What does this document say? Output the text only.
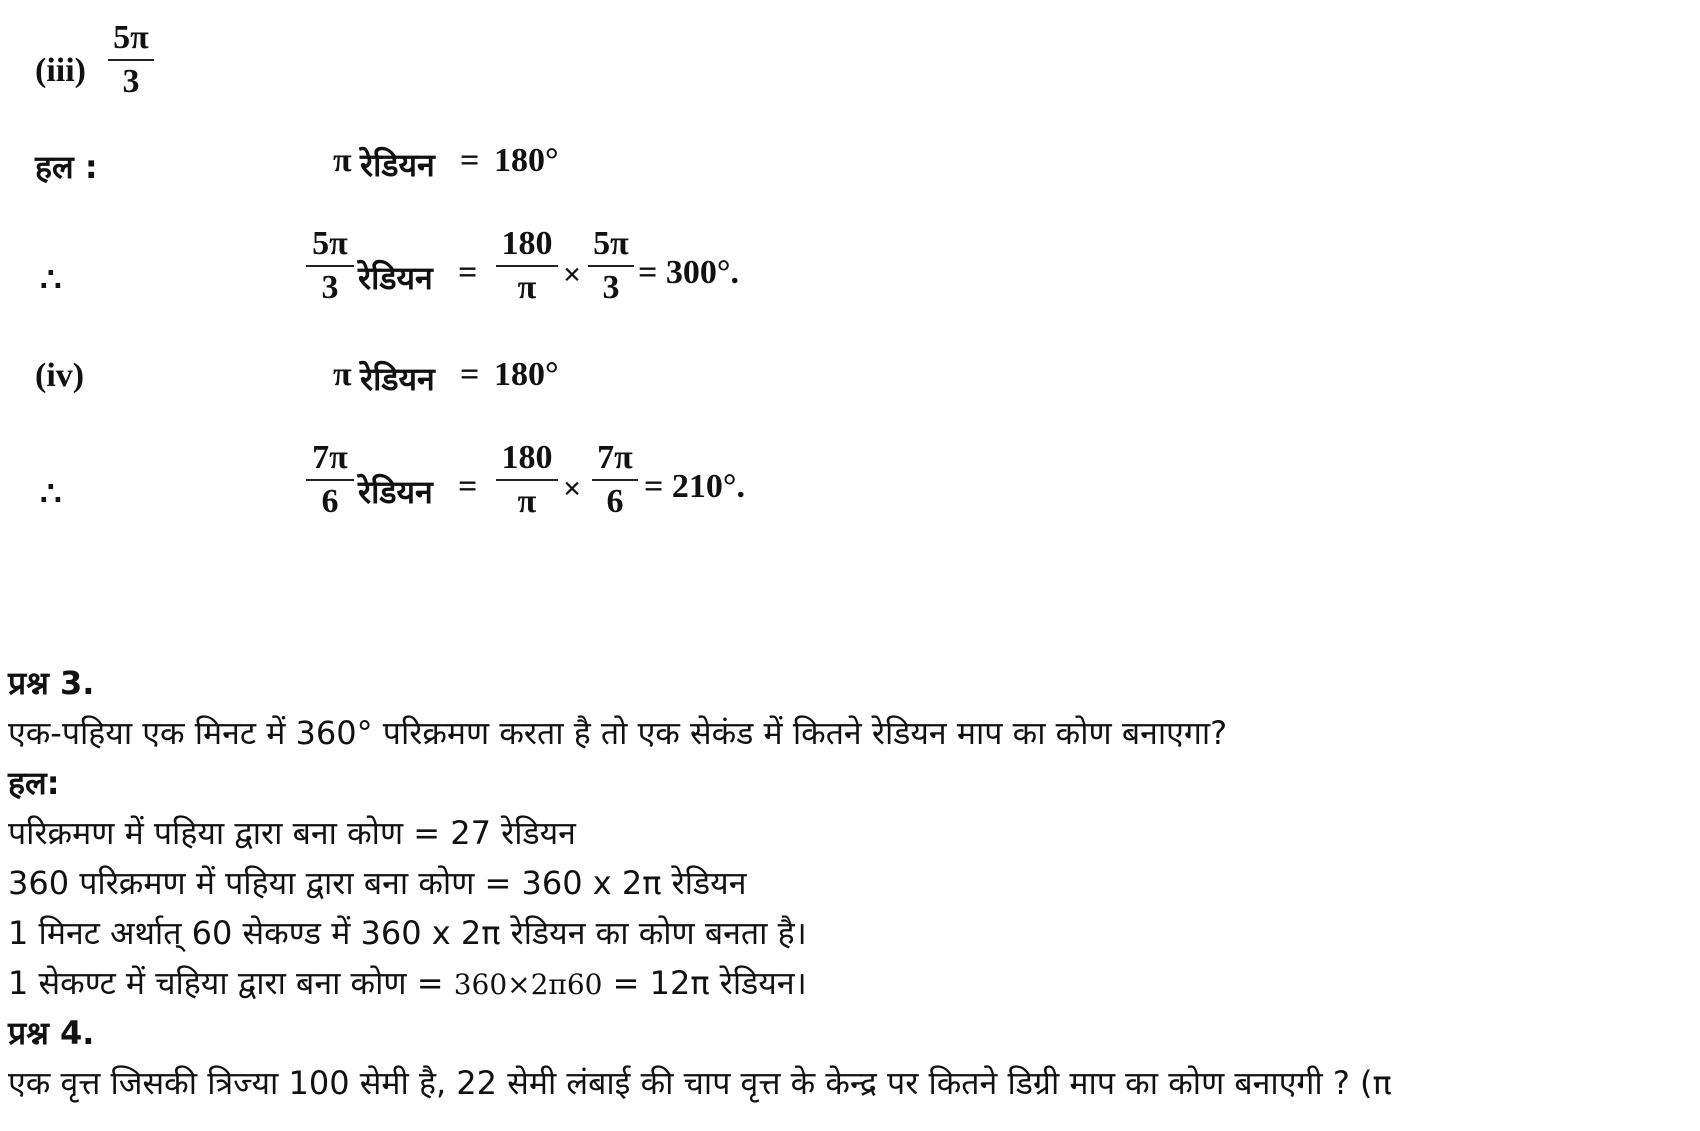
(iii)
5π
3
हल :	π रेडियन = 180°
∴
5π
3 रेडियन =
180
π ×
5π
3 = 300°.
(iv)	π रेडियन = 180°
∴
7π
6 रेडियन =
180
π ×
7π
6 = 210°.
प्रश्न 3.
एक-पहिया एक मिनट में 360° परिक्रमण करता है तो एक सेकंड में कितने रेडियन माप का कोण बनाएगा?
हल:
परिक्रमण में पहिया द्वारा बना कोण = 27 रेडियन
360 परिक्रमण में पहिया द्वारा बना कोण = 360 x 2π रेडियन
1 मिनट अर्थात् 60 सेकण्ड में 360 x 2π रेडियन का कोण बनता है।
1 सेकण्ट में चहिया द्वारा बना कोण = 360×2π60 = 12π रेडियन।
प्रश्न 4.
एक वृत्त जिसकी त्रिज्या 100 सेमी है, 22 सेमी लंबाई की चाप वृत्त के केन्द्र पर कितने डिग्री माप का कोण बनाएगी ? (π
